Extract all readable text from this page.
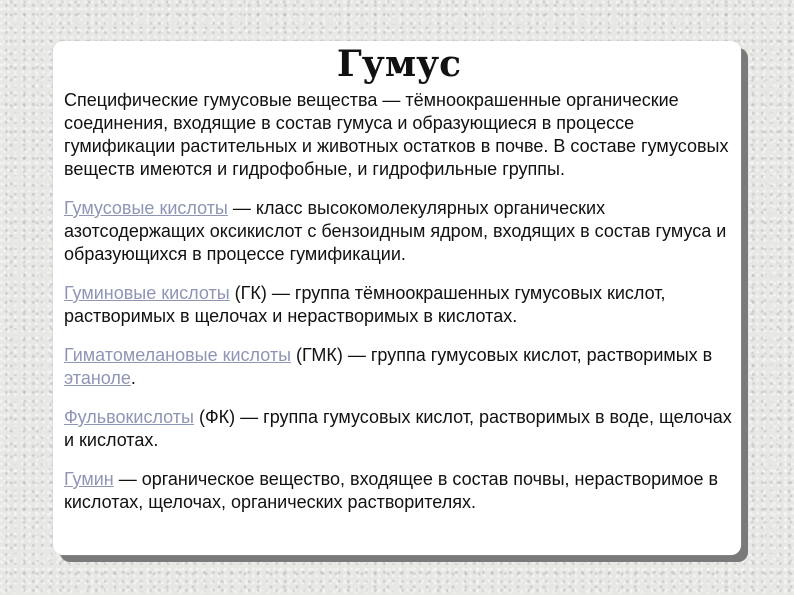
Гумус

Специфические гумусовые вещества — тёмноокрашенные органические соединения, входящие в состав гумуса и образующиеся в процессе гумификации растительных и животных остатков в почве. В составе гумусовых веществ имеются и гидрофобные, и гидрофильные группы.

Гумусовые кислоты — класс высокомолекулярных органических азотсодержащих оксикислот с бензоидным ядром, входящих в состав гумуса и образующихся в процессе гумификации.

Гуминовые кислоты (ГК) — группа тёмноокрашенных гумусовых кислот, растворимых в щелочах и нерастворимых в кислотах.

Гиматомелановые кислоты (ГМК) — группа гумусовых кислот, растворимых в этаноле.

Фульвокислоты (ФК) — группа гумусовых кислот, растворимых в воде, щелочах и кислотах.

Гумин — органическое вещество, входящее в состав почвы, нерастворимое в кислотах, щелочах, органических растворителях.
